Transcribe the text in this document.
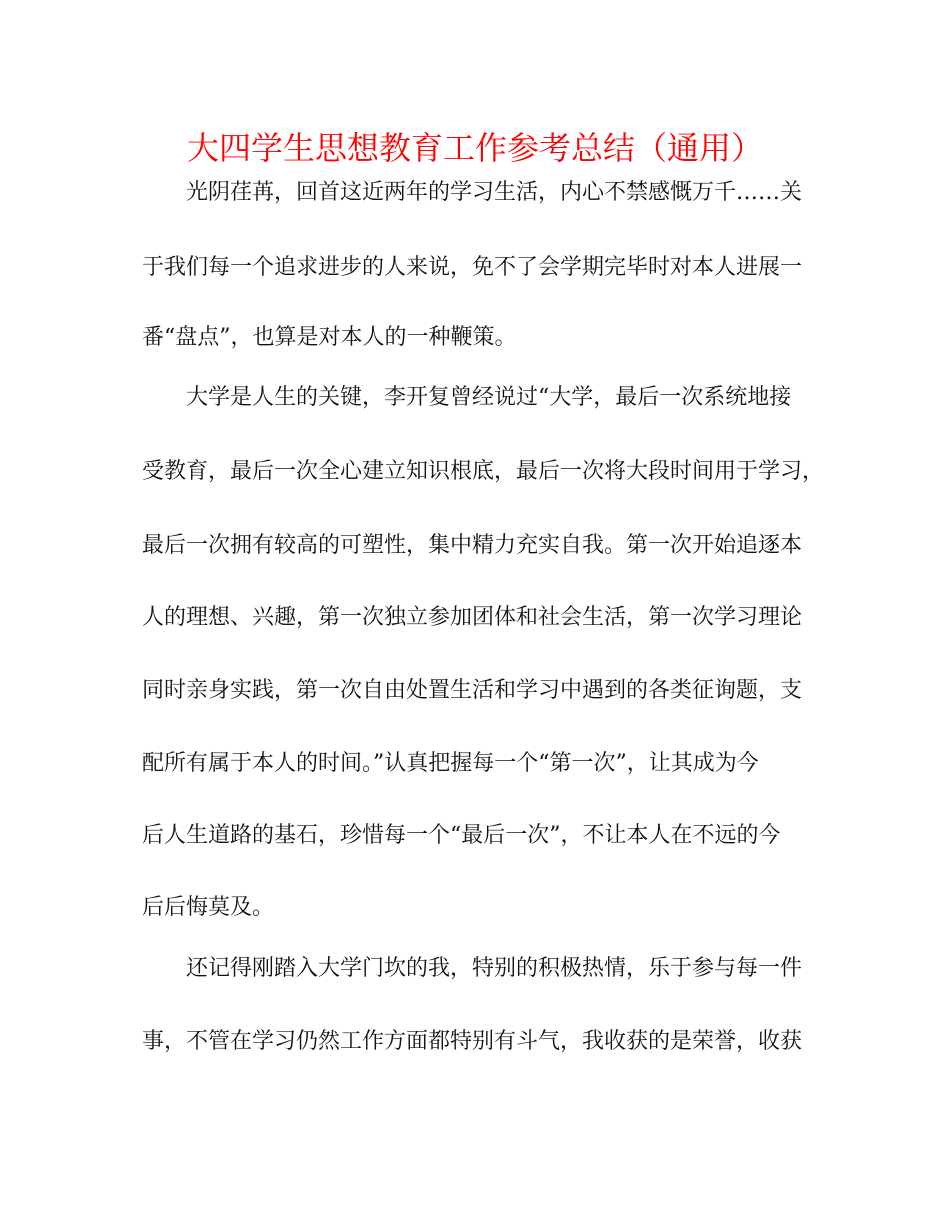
大四学生思想教育工作参考总结（通用）
光阴荏苒，回首这近两年的学习生活，内心不禁感慨万千……关
于我们每一个追求进步的人来说，免不了会学期完毕时对本人进展一
番“盘点”，也算是对本人的一种鞭策。
大学是人生的关键，李开复曾经说过“大学，最后一次系统地接
受教育，最后一次全心建立知识根底，最后一次将大段时间用于学习，
最后一次拥有较高的可塑性，集中精力充实自我。第一次开始追逐本
人的理想、兴趣，第一次独立参加团体和社会生活，第一次学习理论
同时亲身实践，第一次自由处置生活和学习中遇到的各类征询题，支
配所有属于本人的时间。”认真把握每一个“第一次”，让其成为今
后人生道路的基石，珍惜每一个“最后一次”，不让本人在不远的今
后后悔莫及。
还记得刚踏入大学门坎的我，特别的积极热情，乐于参与每一件
事，不管在学习仍然工作方面都特别有斗气，我收获的是荣誉，收获
